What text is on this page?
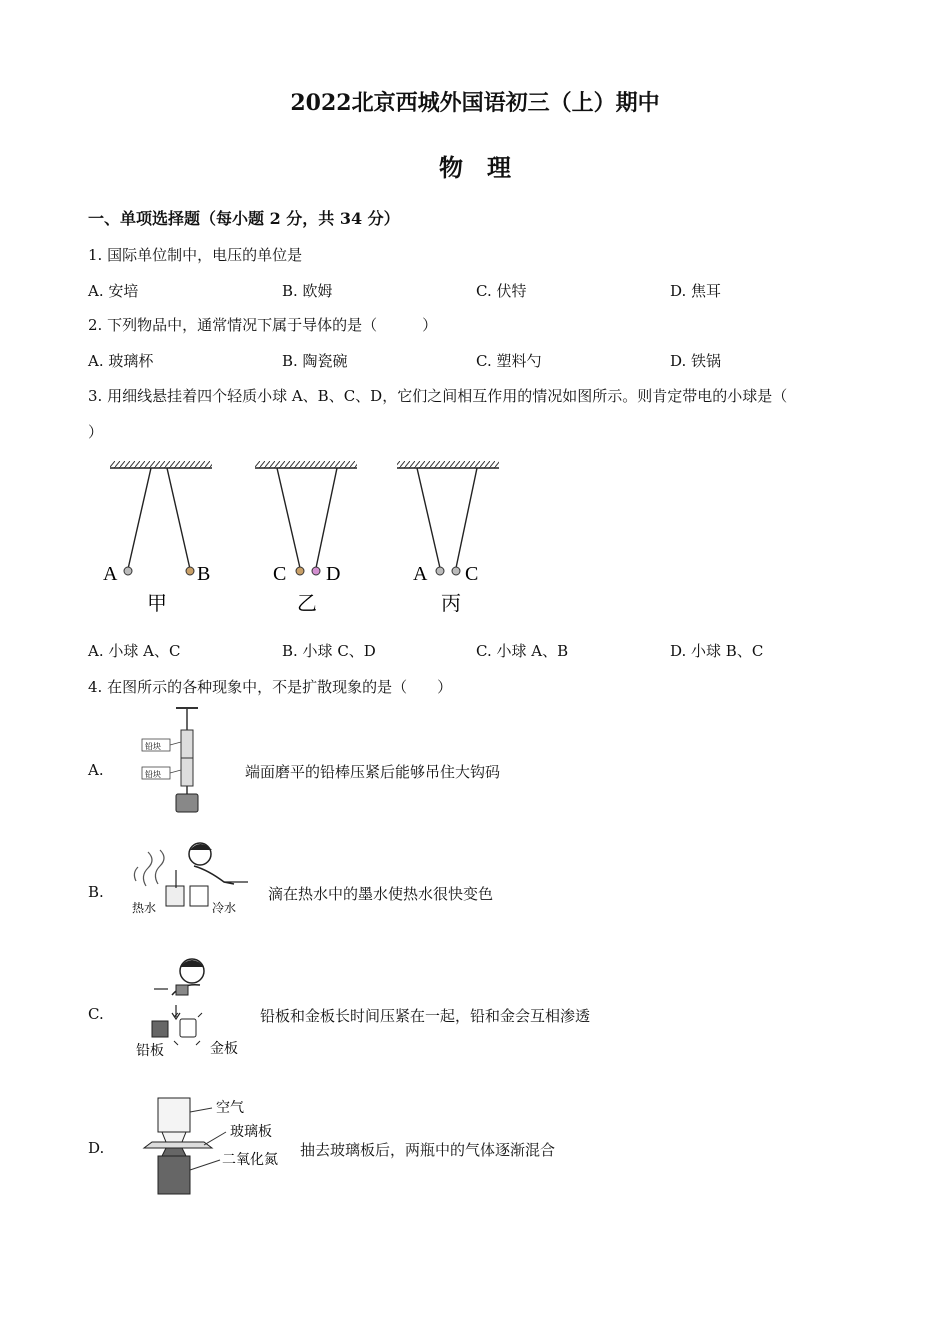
2022北京西城外国语初三（上）期中
物　理
一、单项选择题（每小题 2 分，共 34 分）
1. 国际单位制中，电压的单位是
A. 安培	B. 欧姆	C. 伏特	D. 焦耳
2. 下列物品中，通常情况下属于导体的是（　　　）
A. 玻璃杯	B. 陶瓷碗	C. 塑料勺	D. 铁锅
3. 用细线悬挂着四个轻质小球 A、B、C、D，它们之间相互作用的情况如图所示。则肯定带电的小球是（
）
A	B
甲
C D
乙
A C
丙
A. 小球 A、C	B. 小球 C、D	C. 小球 A、B	D. 小球 B、C
4. 在图所示的各种现象中，不是扩散现象的是（　　）
A.
铅块
铅块	端面磨平的铅棒压紧后能够吊住大钩码
B.
热水	冷水
滴在热水中的墨水使热水很快变色
C.
铅板	金板
铅板和金板长时间压紧在一起，铅和金会互相渗透
D.
空气
玻璃板
二氧化氮
抽去玻璃板后，两瓶中的气体逐渐混合
